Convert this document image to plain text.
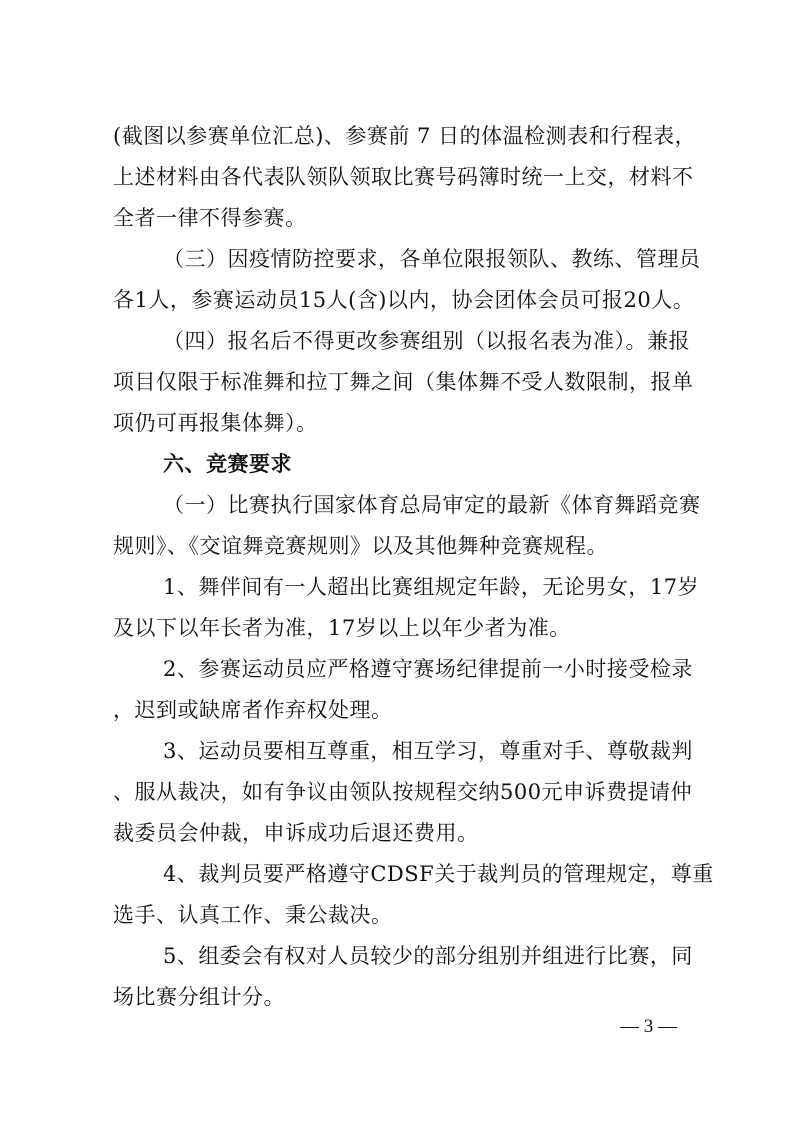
(截图以参赛单位汇总)、参赛前 7 日的体温检测表和行程表，
上述材料由各代表队领队领取比赛号码簿时统一上交，材料不
全者一律不得参赛。
（三）因疫情防控要求，各单位限报领队、教练、管理员
各1人，参赛运动员15人(含)以内，协会团体会员可报20人。
（四）报名后不得更改参赛组别（以报名表为准）。兼报
项目仅限于标准舞和拉丁舞之间（集体舞不受人数限制，报单
项仍可再报集体舞）。
六、竞赛要求
（一）比赛执行国家体育总局审定的最新《体育舞蹈竞赛
规则》、《交谊舞竞赛规则》以及其他舞种竞赛规程。
1、舞伴间有一人超出比赛组规定年龄，无论男女，17岁
及以下以年长者为准，17岁以上以年少者为准。
2、参赛运动员应严格遵守赛场纪律提前一小时接受检录
，迟到或缺席者作弃权处理。
3、运动员要相互尊重，相互学习，尊重对手、尊敬裁判
、服从裁决，如有争议由领队按规程交纳500元申诉费提请仲
裁委员会仲裁，申诉成功后退还费用。
4、裁判员要严格遵守CDSF关于裁判员的管理规定，尊重
选手、认真工作、秉公裁决。
5、组委会有权对人员较少的部分组别并组进行比赛，同
场比赛分组计分。
— 3 —
